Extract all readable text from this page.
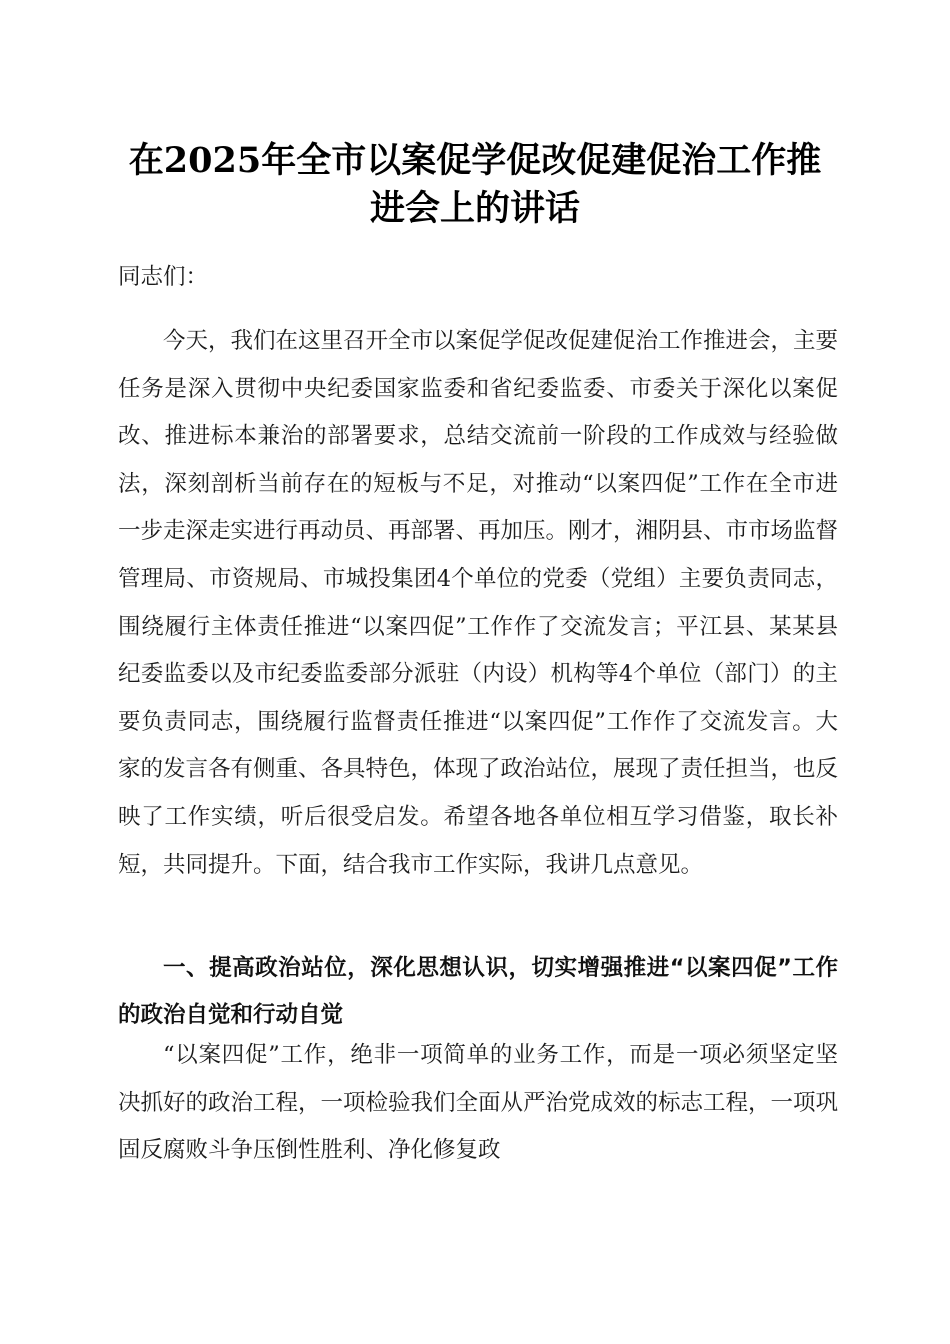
在2025年全市以案促学促改促建促治工作推
进会上的讲话
同志们：
今天，我们在这里召开全市以案促学促改促建促治工作推进会，主要任务是深入贯彻中央纪委国家监委和省纪委监委、市委关于深化以案促改、推进标本兼治的部署要求，总结交流前一阶段的工作成效与经验做法，深刻剖析当前存在的短板与不足，对推动“以案四促”工作在全市进一步走深走实进行再动员、再部署、再加压。刚才，湘阴县、市市场监督管理局、市资规局、市城投集团4个单位的党委（党组）主要负责同志，围绕履行主体责任推进“以案四促”工作作了交流发言；平江县、某某县纪委监委以及市纪委监委部分派驻（内设）机构等4个单位（部门）的主要负责同志，围绕履行监督责任推进“以案四促”工作作了交流发言。大家的发言各有侧重、各具特色，体现了政治站位，展现了责任担当，也反映了工作实绩，听后很受启发。希望各地各单位相互学习借鉴，取长补短，共同提升。下面，结合我市工作实际，我讲几点意见。
一、提高政治站位，深化思想认识，切实增强推进“以案四促”工作的政治自觉和行动自觉
“以案四促”工作，绝非一项简单的业务工作，而是一项必须坚定坚决抓好的政治工程，一项检验我们全面从严治党成效的标志工程，一项巩固反腐败斗争压倒性胜利、净化修复政
